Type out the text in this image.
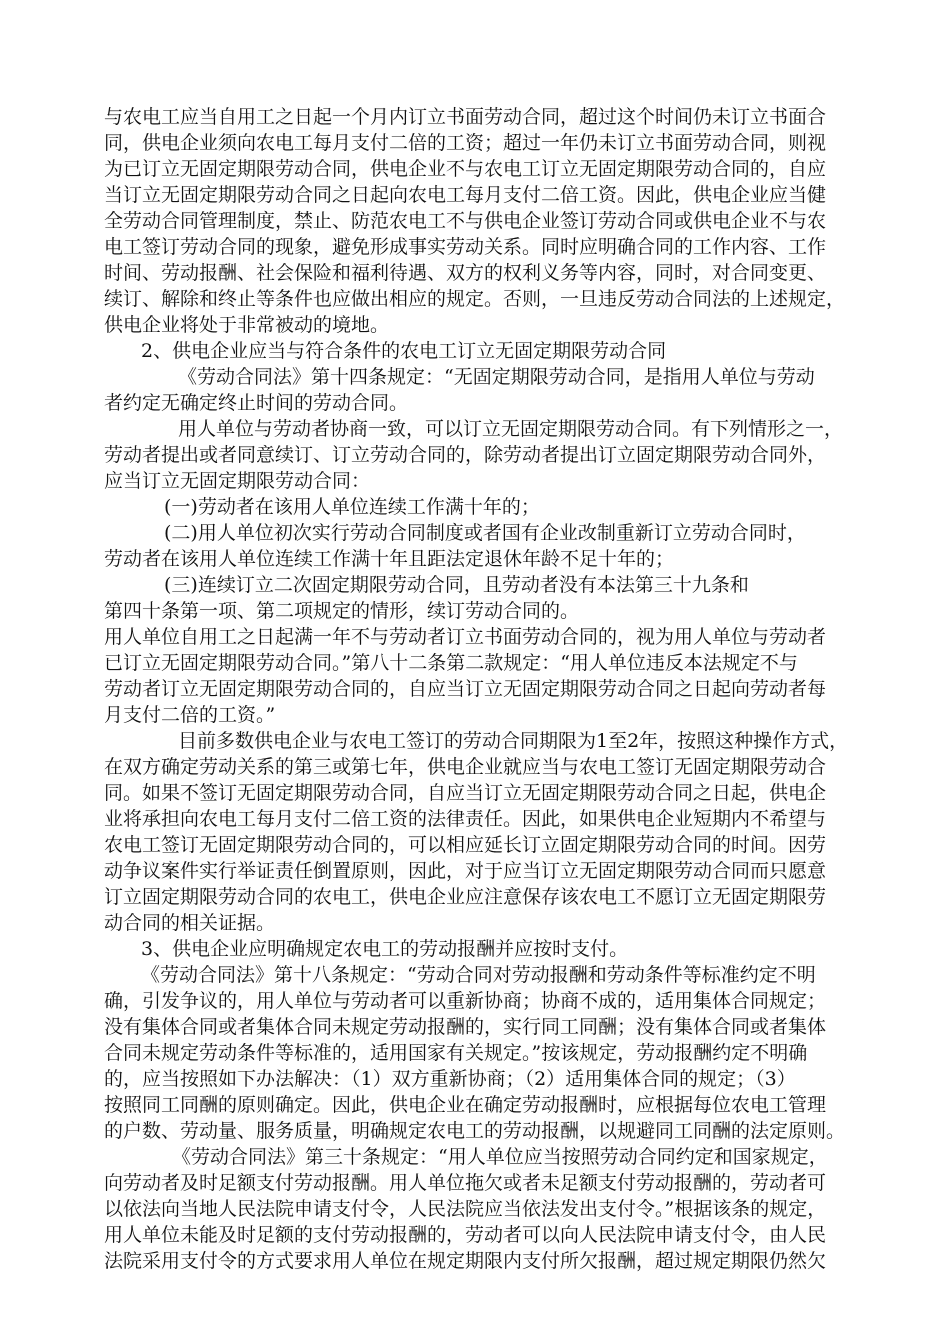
与农电工应当自用工之日起一个月内订立书面劳动合同，超过这个时间仍未订立书面合

同，供电企业须向农电工每月支付二倍的工资；超过一年仍未订立书面劳动合同，则视

为已订立无固定期限劳动合同，供电企业不与农电工订立无固定期限劳动合同的，自应

当订立无固定期限劳动合同之日起向农电工每月支付二倍工资。因此，供电企业应当健

全劳动合同管理制度，禁止、防范农电工不与供电企业签订劳动合同或供电企业不与农

电工签订劳动合同的现象，避免形成事实劳动关系。同时应明确合同的工作内容、工作

时间、劳动报酬、社会保险和福利待遇、双方的权利义务等内容，同时，对合同变更、

续订、解除和终止等条件也应做出相应的规定。否则，一旦违反劳动合同法的上述规定，

供电企业将处于非常被动的境地。

2、供电企业应当与符合条件的农电工订立无固定期限劳动合同

《劳动合同法》第十四条规定：“无固定期限劳动合同，是指用人单位与劳动

者约定无确定终止时间的劳动合同。

用人单位与劳动者协商一致，可以订立无固定期限劳动合同。有下列情形之一，

劳动者提出或者同意续订、订立劳动合同的，除劳动者提出订立固定期限劳动合同外，

应当订立无固定期限劳动合同：

(一)劳动者在该用人单位连续工作满十年的；

(二)用人单位初次实行劳动合同制度或者国有企业改制重新订立劳动合同时，

劳动者在该用人单位连续工作满十年且距法定退休年龄不足十年的；

(三)连续订立二次固定期限劳动合同，且劳动者没有本法第三十九条和

第四十条第一项、第二项规定的情形，续订劳动合同的。

用人单位自用工之日起满一年不与劳动者订立书面劳动合同的，视为用人单位与劳动者

已订立无固定期限劳动合同。”第八十二条第二款规定：“用人单位违反本法规定不与

劳动者订立无固定期限劳动合同的，自应当订立无固定期限劳动合同之日起向劳动者每

月支付二倍的工资。”

目前多数供电企业与农电工签订的劳动合同期限为1至2年，按照这种操作方式，

在双方确定劳动关系的第三或第七年，供电企业就应当与农电工签订无固定期限劳动合

同。如果不签订无固定期限劳动合同，自应当订立无固定期限劳动合同之日起，供电企

业将承担向农电工每月支付二倍工资的法律责任。因此，如果供电企业短期内不希望与

农电工签订无固定期限劳动合同的，可以相应延长订立固定期限劳动合同的时间。因劳

动争议案件实行举证责任倒置原则，因此，对于应当订立无固定期限劳动合同而只愿意

订立固定期限劳动合同的农电工，供电企业应注意保存该农电工不愿订立无固定期限劳

动合同的相关证据。

3、供电企业应明确规定农电工的劳动报酬并应按时支付。

《劳动合同法》第十八条规定：“劳动合同对劳动报酬和劳动条件等标准约定不明

确，引发争议的，用人单位与劳动者可以重新协商；协商不成的，适用集体合同规定；

没有集体合同或者集体合同未规定劳动报酬的，实行同工同酬；没有集体合同或者集体

合同未规定劳动条件等标准的，适用国家有关规定。”按该规定，劳动报酬约定不明确

的，应当按照如下办法解决：（1）双方重新协商；（2）适用集体合同的规定；（3）

按照同工同酬的原则确定。因此，供电企业在确定劳动报酬时，应根据每位农电工管理

的户数、劳动量、服务质量，明确规定农电工的劳动报酬，以规避同工同酬的法定原则。

《劳动合同法》第三十条规定：“用人单位应当按照劳动合同约定和国家规定，

向劳动者及时足额支付劳动报酬。用人单位拖欠或者未足额支付劳动报酬的，劳动者可

以依法向当地人民法院申请支付令，人民法院应当依法发出支付令。”根据该条的规定，

用人单位未能及时足额的支付劳动报酬的，劳动者可以向人民法院申请支付令，由人民

法院采用支付令的方式要求用人单位在规定期限内支付所欠报酬，超过规定期限仍然欠
